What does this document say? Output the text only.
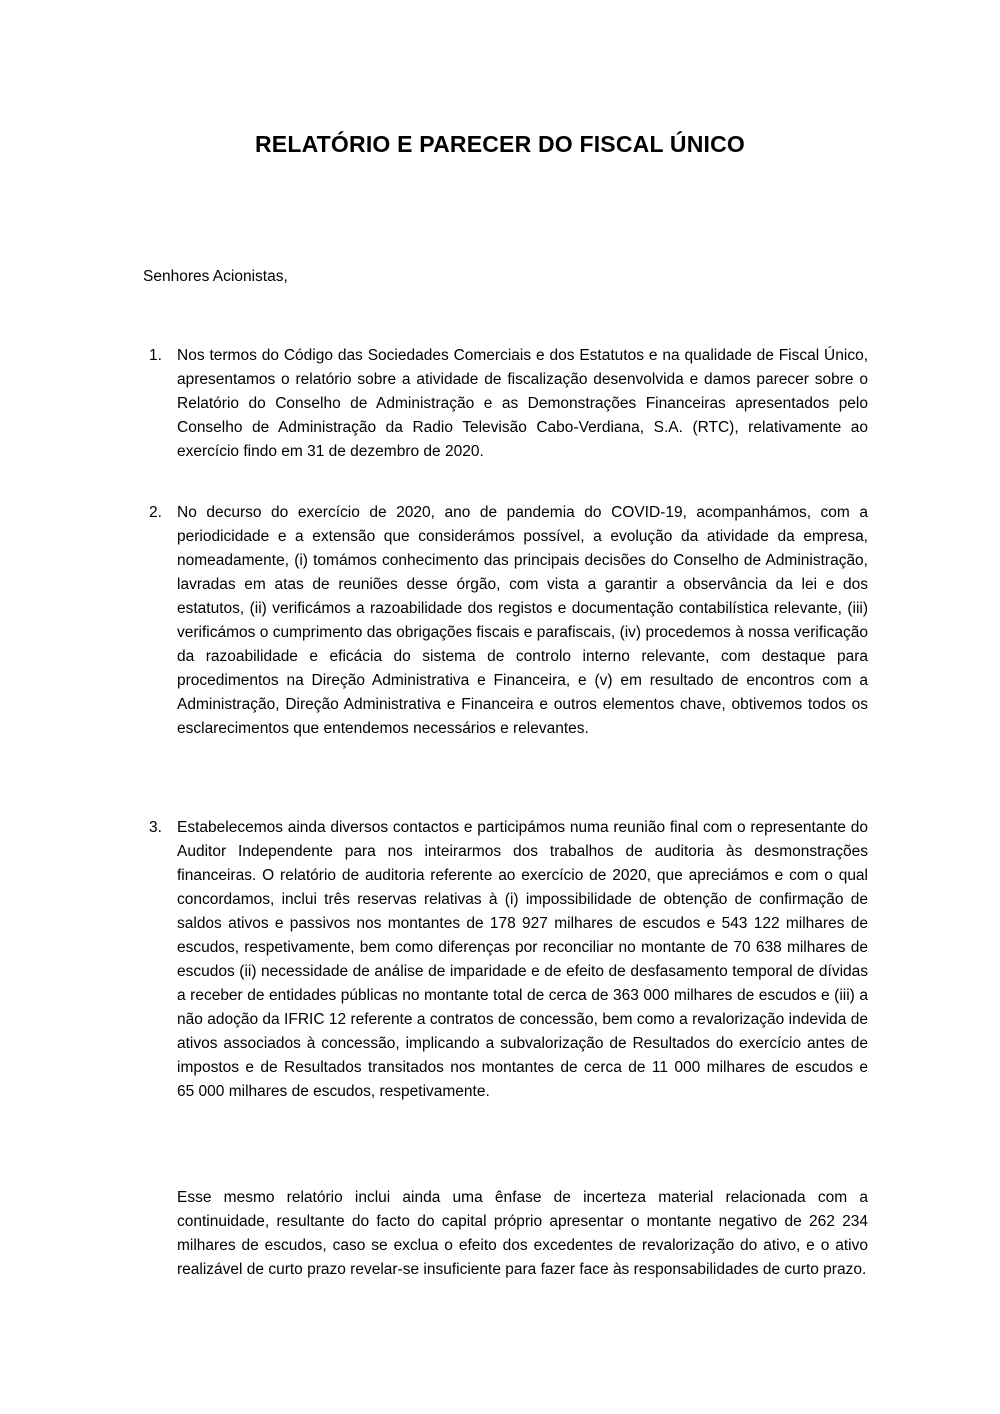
RELATÓRIO E PARECER DO FISCAL ÚNICO

Senhores Acionistas,

1. Nos termos do Código das Sociedades Comerciais e dos Estatutos e na qualidade de Fiscal Único, apresentamos o relatório sobre a atividade de fiscalização desenvolvida e damos parecer sobre o Relatório do Conselho de Administração e as Demonstrações Financeiras apresentados pelo Conselho de Administração da Radio Televisão Cabo-Verdiana, S.A. (RTC), relativamente ao exercício findo em 31 de dezembro de 2020.
2. No decurso do exercício de 2020, ano de pandemia do COVID-19, acompanhámos, com a periodicidade e a extensão que considerámos possível, a evolução da atividade da empresa, nomeadamente, (i) tomámos conhecimento das principais decisões do Conselho de Administração, lavradas em atas de reuniões desse órgão, com vista a garantir a observância da lei e dos estatutos, (ii) verificámos a razoabilidade dos registos e documentação contabilística relevante, (iii) verificámos o cumprimento das obrigações fiscais e parafiscais, (iv) procedemos à nossa verificação da razoabilidade e eficácia do sistema de controlo interno relevante, com destaque para procedimentos na Direção Administrativa e Financeira, e (v) em resultado de encontros com a Administração, Direção Administrativa e Financeira e outros elementos chave, obtivemos todos os esclarecimentos que entendemos necessários e relevantes.
3. Estabelecemos ainda diversos contactos e participámos numa reunião final com o representante do Auditor Independente para nos inteirarmos dos trabalhos de auditoria às desmonstrações financeiras. O relatório de auditoria referente ao exercício de 2020, que apreciámos e com o qual concordamos, inclui três reservas relativas à (i) impossibilidade de obtenção de confirmação de saldos ativos e passivos nos montantes de 178 927 milhares de escudos e 543 122 milhares de escudos, respetivamente, bem como diferenças por reconciliar no montante de 70 638 milhares de escudos (ii) necessidade de análise de imparidade e de efeito de desfasamento temporal de dívidas a receber de entidades públicas no montante total de cerca de 363 000 milhares de escudos e (iii) a não adoção da IFRIC 12 referente a contratos de concessão, bem como a revalorização indevida de ativos associados à concessão, implicando a subvalorização de Resultados do exercício antes de impostos e de Resultados transitados nos montantes de cerca de 11 000 milhares de escudos e 65 000 milhares de escudos, respetivamente.

Esse mesmo relatório inclui ainda uma ênfase de incerteza material relacionada com a continuidade, resultante do facto do capital próprio apresentar o montante negativo de 262 234 milhares de escudos, caso se exclua o efeito dos excedentes de revalorização do ativo, e o ativo realizável de curto prazo revelar-se insuficiente para fazer face às responsabilidades de curto prazo.
